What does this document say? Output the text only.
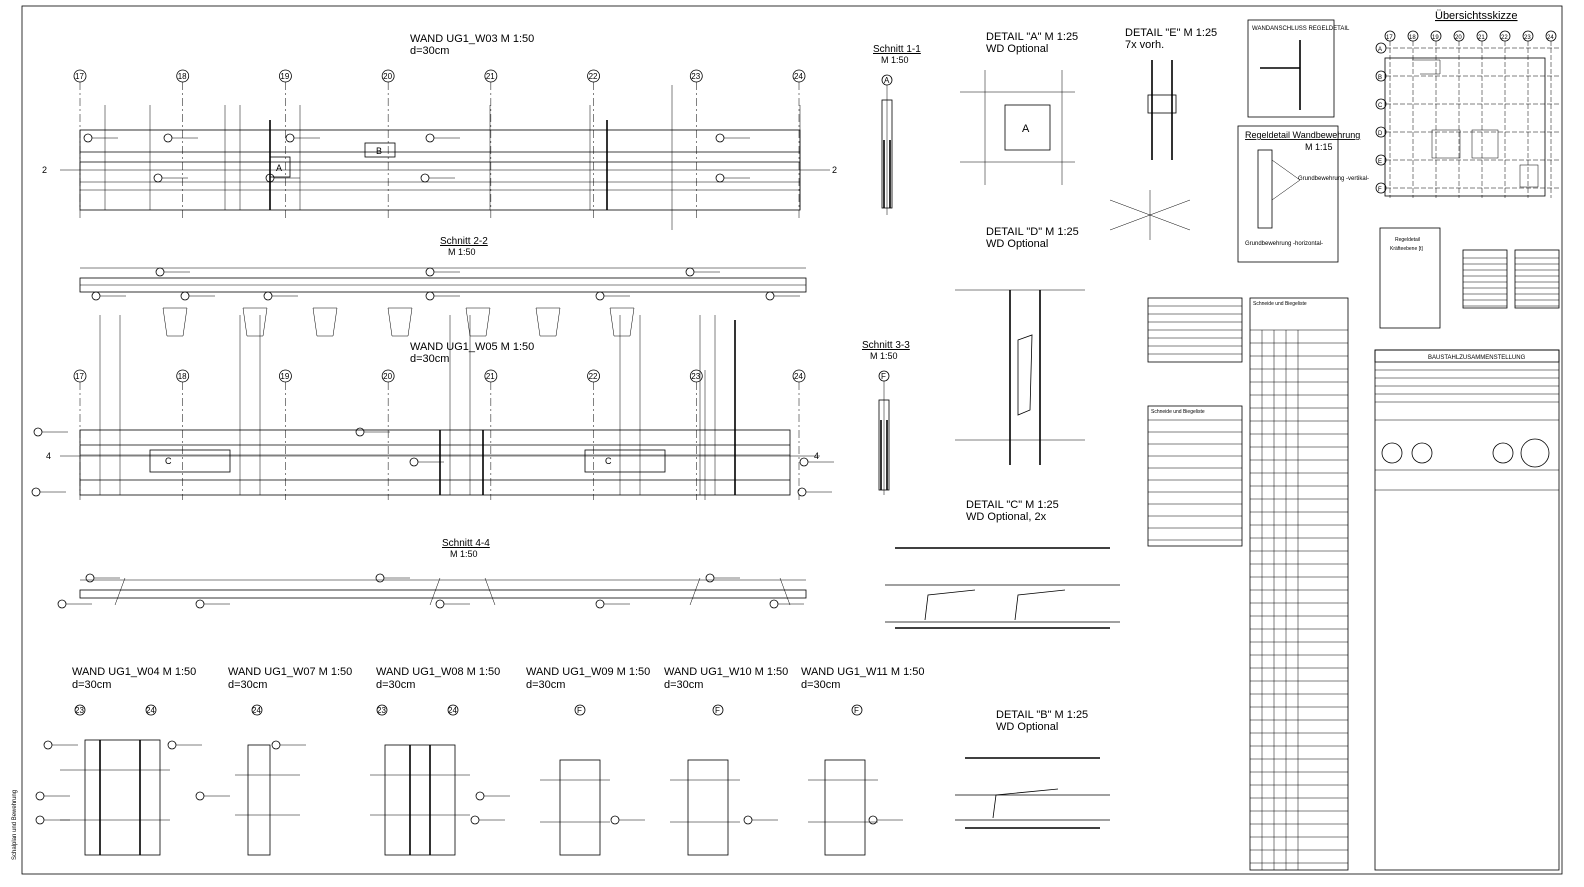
Schalplan und Bewehrung
WAND UG1_W03 M 1:50
d=30cm
17	18	19	20	21	22	23	24
B
A
2	2
Schnitt 2-2
M 1:50
WAND UG1_W05 M 1:50
d=30cm
17	18	19	20	21	22	23	24
C	C
4	4
Schnitt 4-4
M 1:50
Schnitt 1-1
M 1:50
A
Schnitt 3-3
M 1:50
F
WAND UG1_W04 M 1:50
d=30cm
WAND UG1_W07 M 1:50
d=30cm
WAND UG1_W08 M 1:50
d=30cm
WAND UG1_W09 M 1:50
d=30cm
WAND UG1_W10 M 1:50
d=30cm
WAND UG1_W11 M 1:50
d=30cm
23	24	24	23	24	F	F	F
DETAIL "A" M 1:25
WD Optional
A
DETAIL "E" M 1:25
7x vorh.
DETAIL "D" M 1:25
WD Optional
DETAIL "C" M 1:25
WD Optional, 2x
DETAIL "B" M 1:25
WD Optional
WANDANSCHLUSS REGELDETAIL
Regeldetail Wandbewehrung
M 1:15
Grundbewehrung -vertikal-
Grundbewehrung -horizontal-
Übersichtsskizze
17	18	19	20	21	22	23	24
A
B
C
D
E
F
Schneide und Biegeliste
Schneide und Biegeliste
Regeldetail
Kräfteebene [t]
BAUSTAHLZUSAMMENSTELLUNG
